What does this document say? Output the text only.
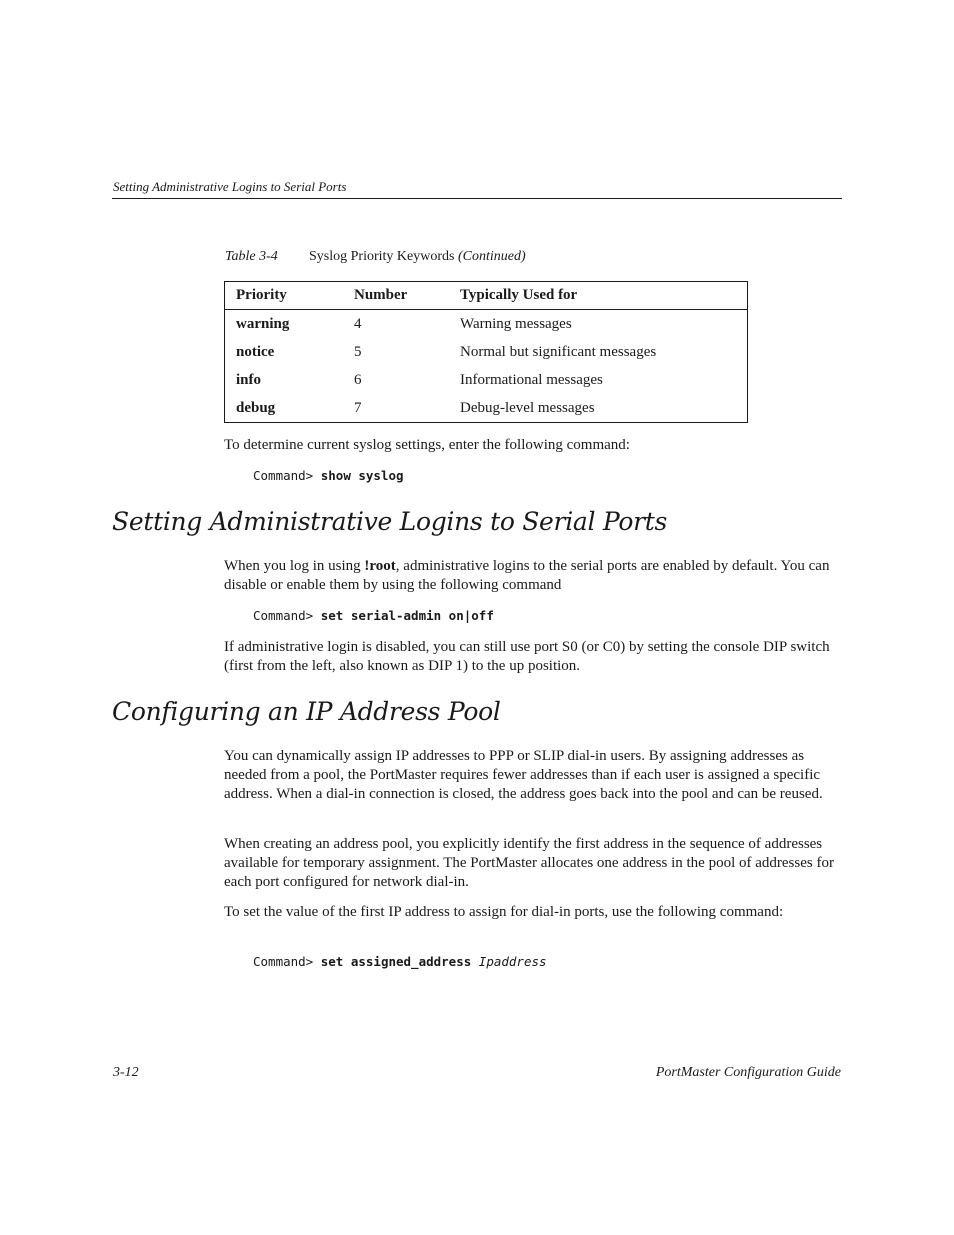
Setting Administrative Logins to Serial Ports
Table 3-4 Syslog Priority Keywords (Continued)
Priority	Number	Typically Used for
warning	4	Warning messages
notice	5	Normal but significant messages
info	6	Informational messages
debug	7	Debug-level messages

To determine current syslog settings, enter the following command:

Command> show syslog
Setting Administrative Logins to Serial Ports

When you log in using !root, administrative logins to the serial ports are enabled by default. You can disable or enable them by using the following command

Command> set serial-admin on|off

If administrative login is disabled, you can still use port S0 (or C0) by setting the console DIP switch (first from the left, also known as DIP 1) to the up position.

Configuring an IP Address Pool

You can dynamically assign IP addresses to PPP or SLIP dial-in users. By assigning addresses as needed from a pool, the PortMaster requires fewer addresses than if each user is assigned a specific address. When a dial-in connection is closed, the address goes back into the pool and can be reused.

When creating an address pool, you explicitly identify the first address in the sequence of addresses available for temporary assignment. The PortMaster allocates one address in the pool of addresses for each port configured for network dial-in.

To set the value of the first IP address to assign for dial-in ports, use the following command:

Command> set assigned_address Ipaddress
3-12	PortMaster Configuration Guide
